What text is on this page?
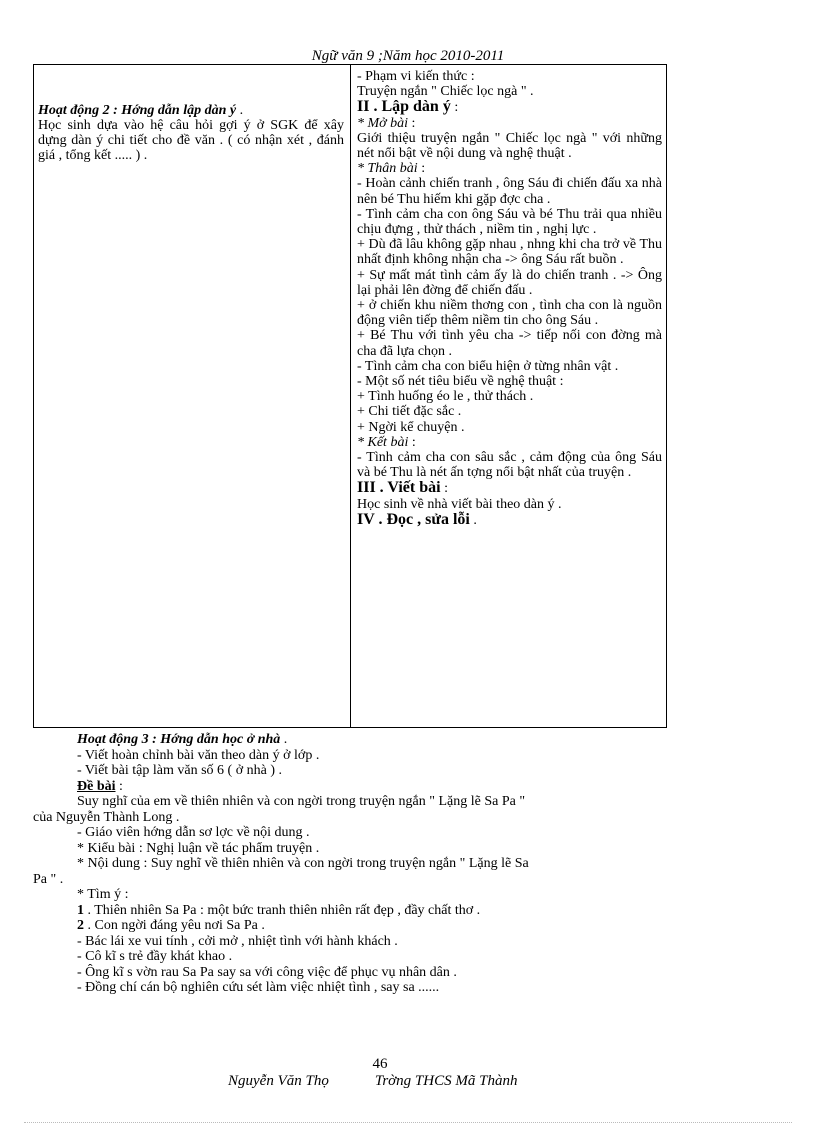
Ngữ văn 9 ;Năm học 2010-2011
Hoạt động 2 : Hớng dẫn lập dàn ý .
Học sinh dựa vào hệ câu hỏi gợi ý ở SGK để xây dựng dàn ý chi tiết cho đề văn . ( có nhận xét , đánh giá , tổng kết ..... ) .
- Phạm vi kiến thức :
Truyện ngắn " Chiếc lọc ngà " .
II . Lập dàn ý :
* Mở bài :
Giới thiệu truyện ngắn " Chiếc lọc ngà " với những nét nổi bật về nội dung và nghệ thuật .
* Thân bài :
- Hoàn cảnh chiến tranh , ông Sáu đi chiến đấu xa nhà nên bé Thu hiếm khi gặp đợc cha .
- Tình cảm cha con ông Sáu và bé Thu trải qua nhiều chịu đựng , thử thách , niềm tin , nghị lực .
+ Dù đã lâu không gặp nhau , nhng khi cha trở về Thu nhất định không nhận cha -> ông Sáu rất buồn .
+ Sự mất mát tình cảm ấy là do chiến tranh . -> Ông lại phải lên đờng để chiến đấu .
+ ở chiến khu niềm thơng con , tình cha con là nguồn động viên tiếp thêm niềm tin cho ông Sáu .
+ Bé Thu với tình yêu cha -> tiếp nối con đờng mà cha đã lựa chọn .
- Tình cảm cha con biểu hiện ở từng nhân vật .
- Một số nét tiêu biểu về nghệ thuật :
+ Tình huống éo le , thử thách .
+ Chi tiết đặc sắc .
+ Ngời kể chuyện .
* Kết bài :
- Tình cảm cha con sâu sắc , cảm động của ông Sáu và bé Thu là nét ấn tợng nổi bật nhất của truyện .
III . Viết bài :
Học sinh về nhà viết bài theo dàn ý .
IV . Đọc , sửa lỗi .
Hoạt động 3 : Hớng dẫn học ở nhà .
- Viết hoàn chỉnh bài văn theo dàn ý ở lớp .
- Viết bài tập làm văn số 6 ( ở nhà ) .
Đề bài :
Suy nghĩ của em về thiên nhiên và con ngời trong truyện ngắn " Lặng lẽ Sa Pa "
của Nguyễn Thành Long .
- Giáo viên hớng dẫn sơ lợc về nội dung .
* Kiểu bài : Nghị luận về tác phẩm truyện .
* Nội dung : Suy nghĩ về thiên nhiên và con ngời trong truyện ngắn " Lặng lẽ Sa
Pa " .
* Tìm ý :
1 . Thiên nhiên Sa Pa : một bức tranh thiên nhiên rất đẹp , đầy chất thơ .
2 . Con ngời đáng yêu nơi Sa Pa .
- Bác lái xe vui tính , cởi mở , nhiệt tình với hành khách .
- Cô kĩ s trẻ đầy khát khao .
- Ông kĩ s vờn rau Sa Pa say sa với công việc để phục vụ nhân dân .
- Đồng chí cán bộ nghiên cứu sét làm việc nhiệt tình , say sa ......
46
Nguyễn Văn Thọ	Trờng THCS Mã Thành
